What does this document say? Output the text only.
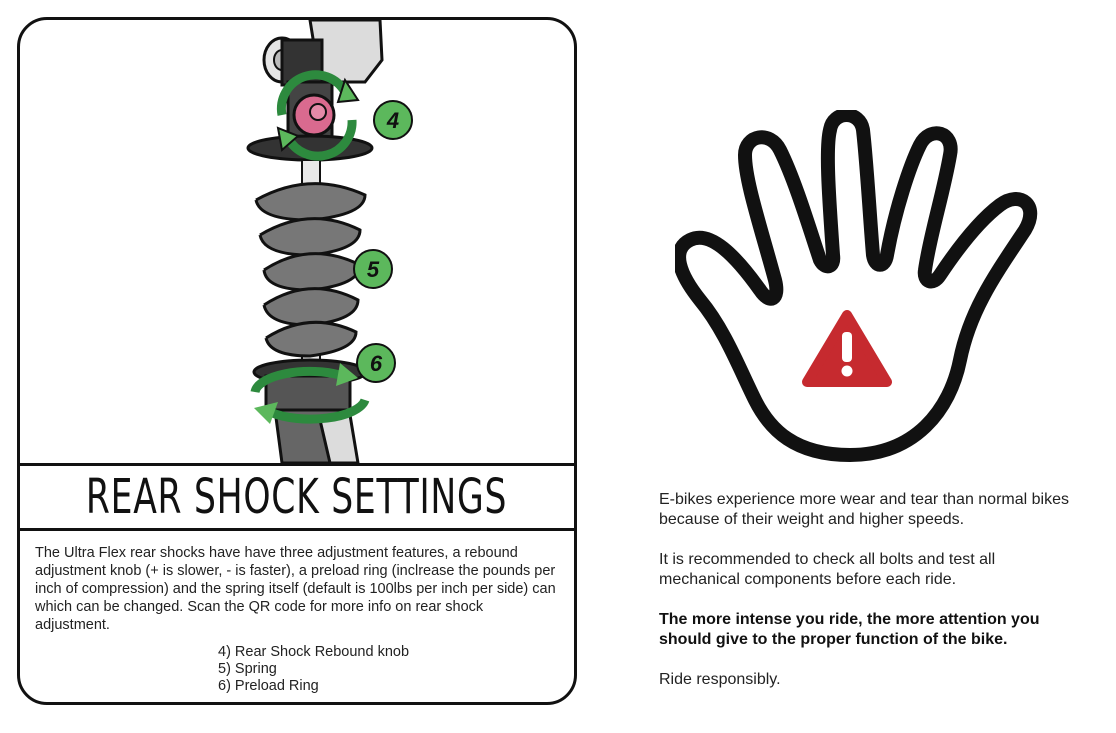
4
5
6
REAR SHOCK SETTINGS

The Ultra Flex rear shocks have have three adjustment features, a rebound adjustment knob (+ is slower, - is faster), a preload ring (inclrease the pounds per inch of compression) and the spring itself (default is 100lbs per inch per side) can which can be changed. Scan the QR code for more info on rear shock adjustment.

4) Rear Shock Rebound knob
5) Spring
6) Preload Ring

E-bikes experience more wear and tear than normal bikes because of their weight and higher speeds.

It is recommended to check all bolts and test all mechanical components before each ride.

The more intense you ride, the more attention you should give to the proper function of the bike.

Ride responsibly.
